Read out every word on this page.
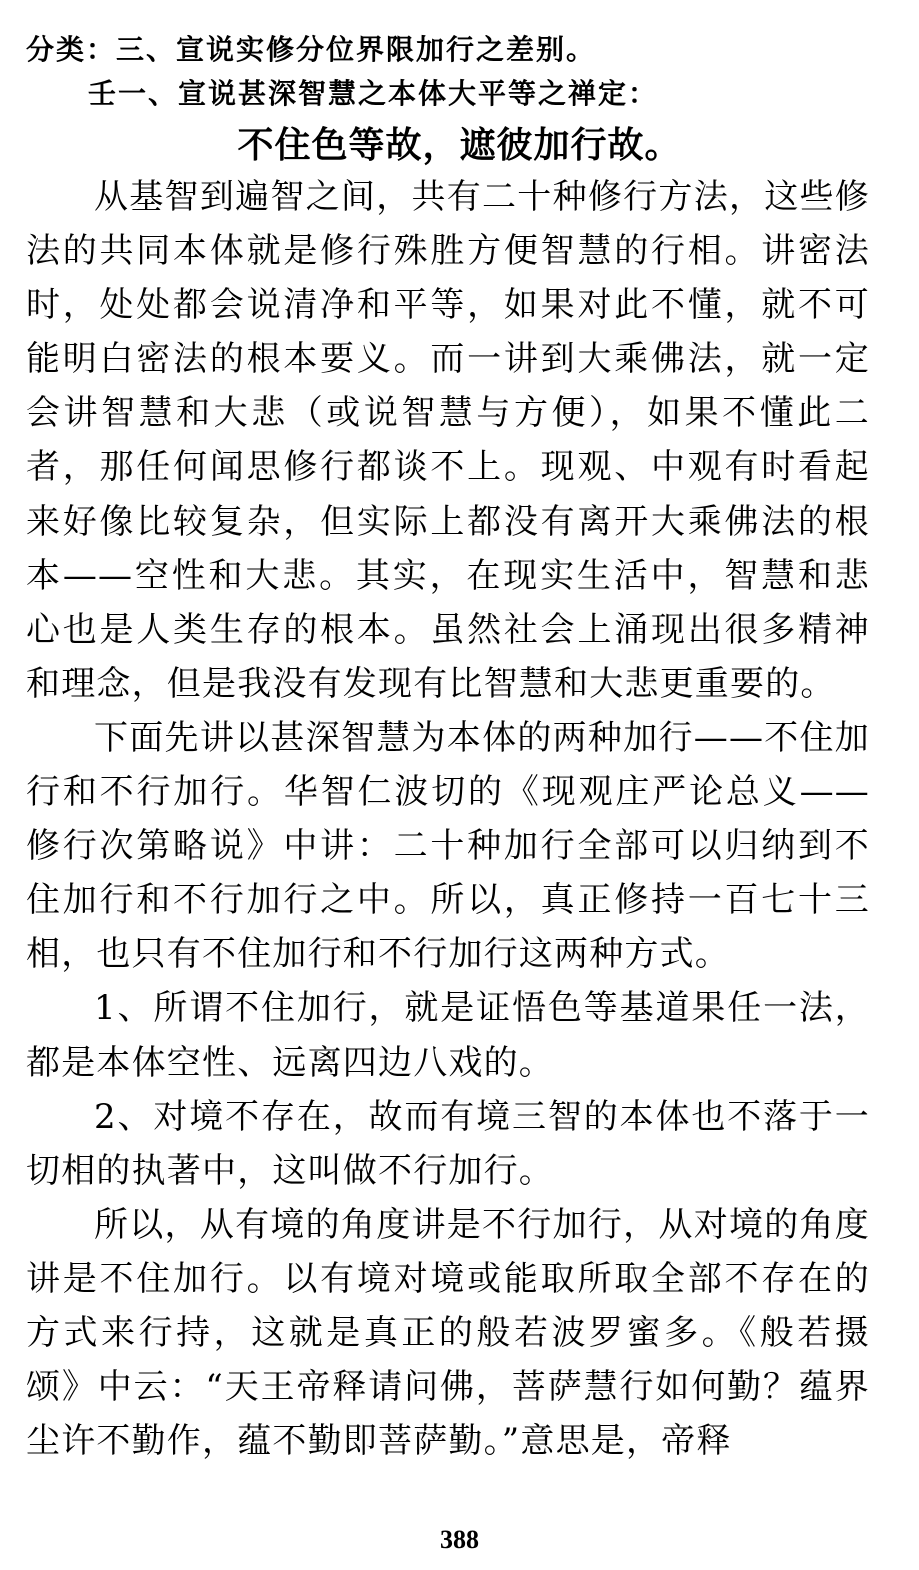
分类：三、宣说实修分位界限加行之差别。
壬一、宣说甚深智慧之本体大平等之禅定：
不住色等故，遮彼加行故。

从基智到遍智之间，共有二十种修行方法，这些修法的共同本体就是修行殊胜方便智慧的行相。讲密法时，处处都会说清净和平等，如果对此不懂，就不可能明白密法的根本要义。而一讲到大乘佛法，就一定会讲智慧和大悲（或说智慧与方便），如果不懂此二者，那任何闻思修行都谈不上。现观、中观有时看起来好像比较复杂，但实际上都没有离开大乘佛法的根本——空性和大悲。其实，在现实生活中，智慧和悲心也是人类生存的根本。虽然社会上涌现出很多精神和理念，但是我没有发现有比智慧和大悲更重要的。

下面先讲以甚深智慧为本体的两种加行——不住加行和不行加行。华智仁波切的《现观庄严论总义——修行次第略说》中讲：二十种加行全部可以归纳到不住加行和不行加行之中。所以，真正修持一百七十三相，也只有不住加行和不行加行这两种方式。

1、所谓不住加行，就是证悟色等基道果任一法，都是本体空性、远离四边八戏的。

2、对境不存在，故而有境三智的本体也不落于一切相的执著中，这叫做不行加行。

所以，从有境的角度讲是不行加行，从对境的角度讲是不住加行。以有境对境或能取所取全部不存在的方式来行持，这就是真正的般若波罗蜜多。《般若摄颂》中云：“天王帝释请问佛，菩萨慧行如何勤？蕴界尘许不勤作，蕴不勤即菩萨勤。”意思是，帝释

388
